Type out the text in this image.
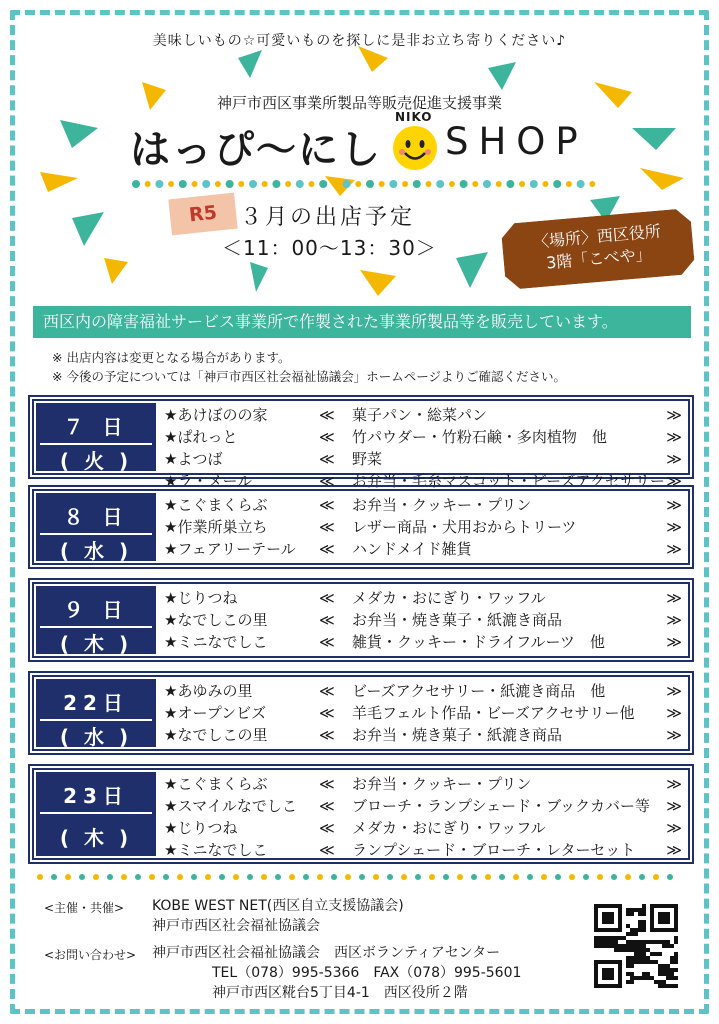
美味しいもの☆可愛いものを探しに是非お立ち寄りください♪
神戸市西区事業所製品等販売促進支援事業
はっぴ～にし
NIKO
SHOP
R5	３月の出店予定
＜11：00～13：30＞	〈場所〉西区役所
3階「こべや」
西区内の障害福祉サービス事業所で作製された事業所製品等を販売しています。
※ 出店内容は変更となる場合があります。
※ 今後の予定については「神戸市西区社会福祉協議会」ホームページよりご確認ください。
７ 日
( 火 )
★あけぼのの家	≪ 菓子パン・総菜パン	≫
★ぱれっと	≪ 竹パウダー・竹粉石鹸・多肉植物　他	≫
★よつば	≪ 野菜	≫
★ラ・メール	≪ お弁当・毛糸マスコット・ビーズアクセサリー ≫
８ 日
( 水 )
★こぐまくらぶ	≪ お弁当・クッキー・プリン	≫
★作業所巣立ち	≪ レザー商品・犬用おからトリーツ	≫
★フェアリーテール ≪ ハンドメイド雑貨	≫
９ 日
( 木 )
★じりつね	≪ メダカ・おにぎり・ワッフル	≫
★なでしこの里	≪ お弁当・焼き菓子・紙漉き商品	≫
★ミニなでしこ	≪ 雑貨・クッキー・ドライフルーツ　他	≫
22日
( 水 )
★あゆみの里	≪ ビーズアクセサリー・紙漉き商品　他	≫
★オープンビズ	≪ 羊毛フェルト作品・ビーズアクセサリー他 ≫
★なでしこの里	≪ お弁当・焼き菓子・紙漉き商品	≫
23日
( 木 )
★こぐまくらぶ	≪ お弁当・クッキー・プリン	≫
★スマイルなでしこ ≪ ブローチ・ランプシェード・ブックカバー等 ≫
★じりつね	≪ メダカ・おにぎり・ワッフル	≫
★ミニなでしこ	≪ ランプシェード・ブローチ・レターセット ≫
<主催・共催> KOBE WEST NET(西区自立支援協議会)
神戸市西区社会福祉協議会
<お問い合わせ> 神戸市西区社会福祉協議会　西区ボランティアセンター
TEL（078）995-5366　FAX（078）995-5601
神戸市西区糀台5丁目4-1　西区役所２階
